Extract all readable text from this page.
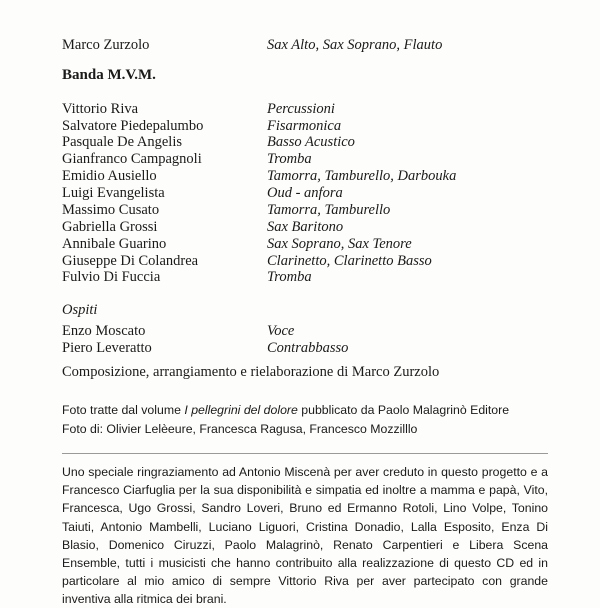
Marco Zurzolo	Sax Alto, Sax Soprano, Flauto
Banda M.V.M.
Vittorio Riva	Percussioni
Salvatore Piedepalumbo	Fisarmonica
Pasquale De Angelis	Basso Acustico
Gianfranco Campagnoli	Tromba
Emidio Ausiello	Tamorra, Tamburello, Darbouka
Luigi Evangelista	Oud - anfora
Massimo Cusato	Tamorra, Tamburello
Gabriella Grossi	Sax Baritono
Annibale Guarino	Sax Soprano, Sax Tenore
Giuseppe Di Colandrea	Clarinetto, Clarinetto Basso
Fulvio Di Fuccia	Tromba
Ospiti
Enzo Moscato	Voce
Piero Leveratto	Contrabbasso
Composizione, arrangiamento e rielaborazione di Marco Zurzolo
Foto tratte dal volume I pellegrini del dolore pubblicato da Paolo Malagrinò Editore
Foto di: Olivier Lelèeure, Francesca Ragusa, Francesco Mozzilllo
Uno speciale ringraziamento ad Antonio Miscenà per aver creduto in questo progetto e a Francesco Ciarfuglia per la sua disponibilità e simpatia ed inoltre a mamma e papà, Vito, Francesca, Ugo Grossi, Sandro Loveri, Bruno ed Ermanno Rotoli, Lino Volpe, Tonino Taiuti, Antonio Mambelli, Luciano Liguori, Cristina Donadio, Lalla Esposito, Enza Di Blasio, Domenico Ciruzzi, Paolo Malagrinò, Renato Carpentieri e Libera Scena Ensemble, tutti i musicisti che hanno contribuito alla realizzazione di questo CD ed in particolare al mio amico di sempre Vittorio Riva per aver partecipato con grande inventiva alla ritmica dei brani.
